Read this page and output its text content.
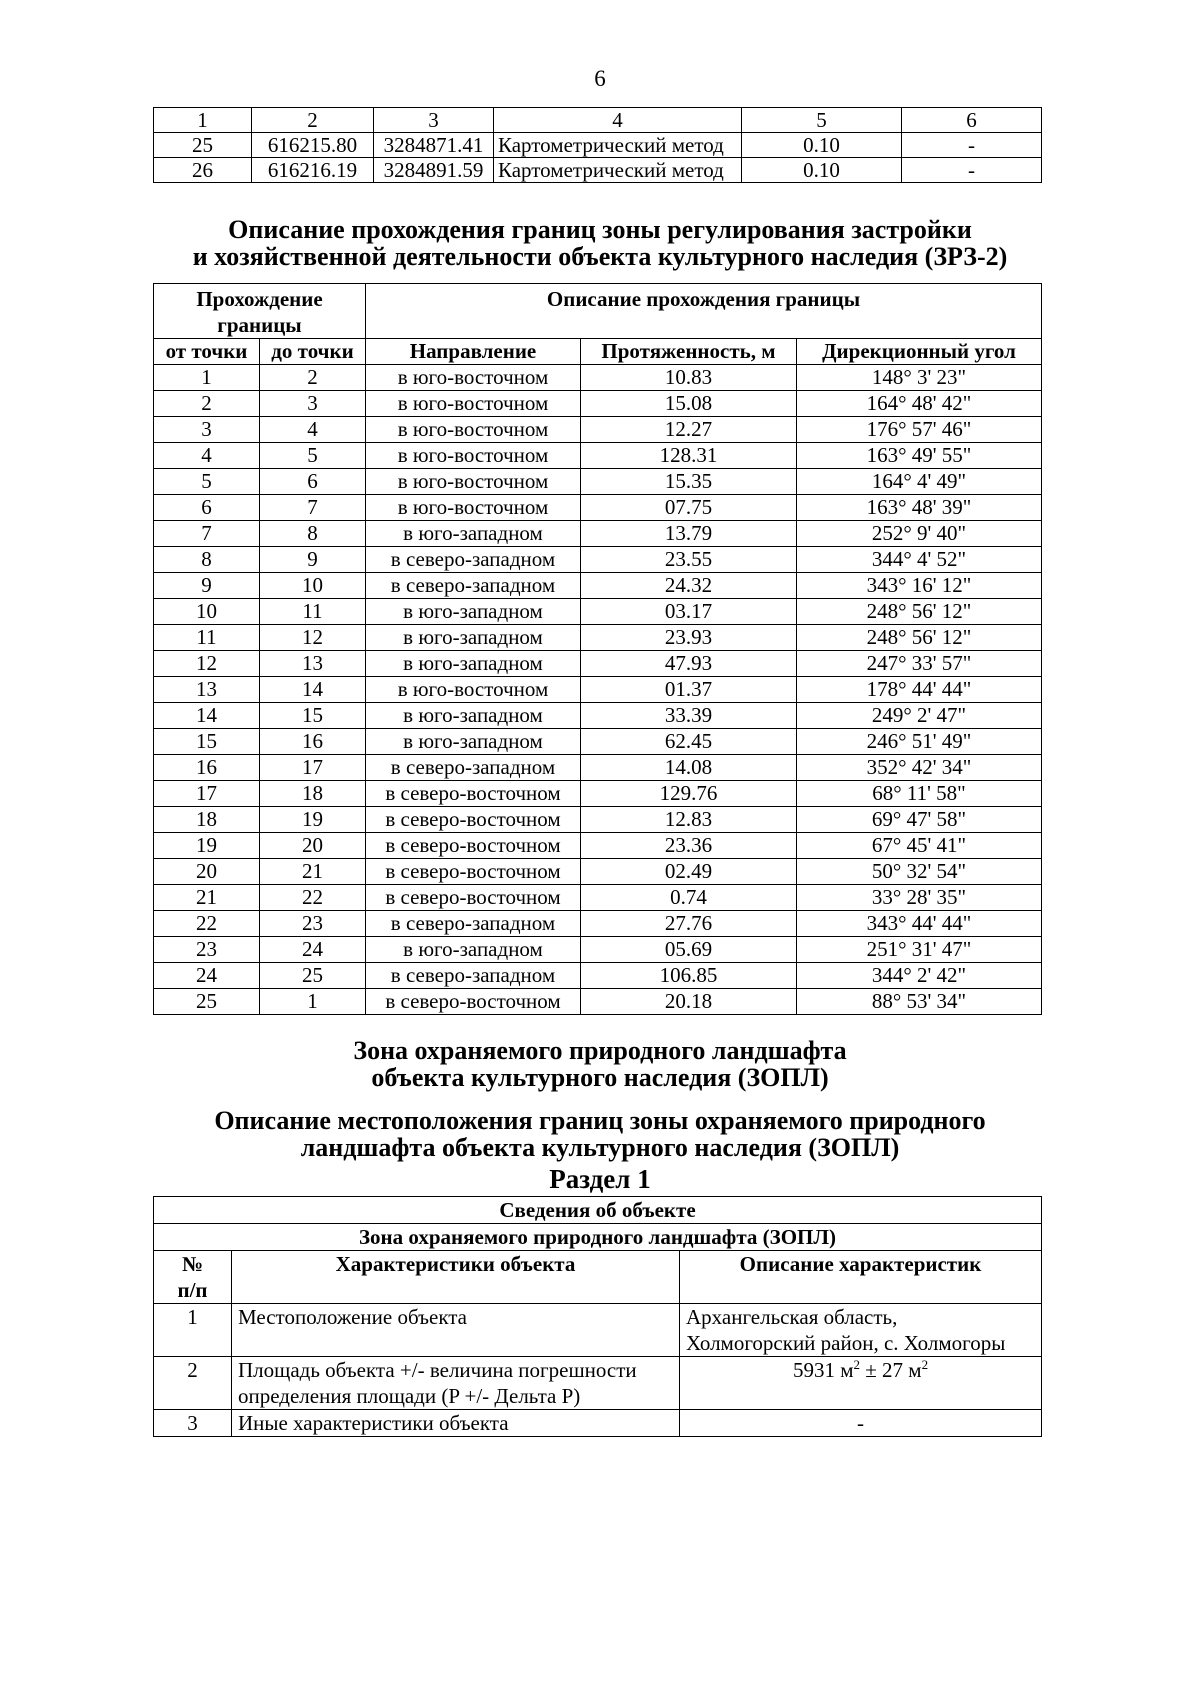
6
1	2	3	4	5	6
25	616215.80	3284871.41	Картометрический метод	0.10	-
26	616216.19	3284891.59	Картометрический метод	0.10	-
Описание прохождения границ зоны регулирования застройки
и хозяйственной деятельности объекта культурного наследия (ЗРЗ-2)
Прохождение границы		Описание прохождения границы		
от точки	до точки	Направление	Протяженность, м	Дирекционный угол
1	2	в юго-восточном	10.83	148° 3' 23"
2	3	в юго-восточном	15.08	164° 48' 42"
3	4	в юго-восточном	12.27	176° 57' 46"
4	5	в юго-восточном	128.31	163° 49' 55"
5	6	в юго-восточном	15.35	164° 4' 49"
6	7	в юго-восточном	07.75	163° 48' 39"
7	8	в юго-западном	13.79	252° 9' 40"
8	9	в северо-западном	23.55	344° 4' 52"
9	10	в северо-западном	24.32	343° 16' 12"
10	11	в юго-западном	03.17	248° 56' 12"
11	12	в юго-западном	23.93	248° 56' 12"
12	13	в юго-западном	47.93	247° 33' 57"
13	14	в юго-восточном	01.37	178° 44' 44"
14	15	в юго-западном	33.39	249° 2' 47"
15	16	в юго-западном	62.45	246° 51' 49"
16	17	в северо-западном	14.08	352° 42' 34"
17	18	в северо-восточном	129.76	68° 11' 58"
18	19	в северо-восточном	12.83	69° 47' 58"
19	20	в северо-восточном	23.36	67° 45' 41"
20	21	в северо-восточном	02.49	50° 32' 54"
21	22	в северо-восточном	0.74	33° 28' 35"
22	23	в северо-западном	27.76	343° 44' 44"
23	24	в юго-западном	05.69	251° 31' 47"
24	25	в северо-западном	106.85	344° 2' 42"
25	1	в северо-восточном	20.18	88° 53' 34"
Зона охраняемого природного ландшафта
объекта культурного наследия (ЗОПЛ)
Описание местоположения границ зоны охраняемого природного
ландшафта объекта культурного наследия (ЗОПЛ)
Раздел 1
Сведения об объекте		
Зона охраняемого природного ландшафта (ЗОПЛ)		

№
п/п	Характеристики объекта	Описание характеристик
1	Местоположение объекта	Архангельская область,
Холмогорский район, с. Холмогоры

2	Площадь объекта +/- величина погрешности
определения площади (P +/- Дельта P)	5931 $м^2 \pm 27$ $м^2$
3	Иные характеристики объекта	-
